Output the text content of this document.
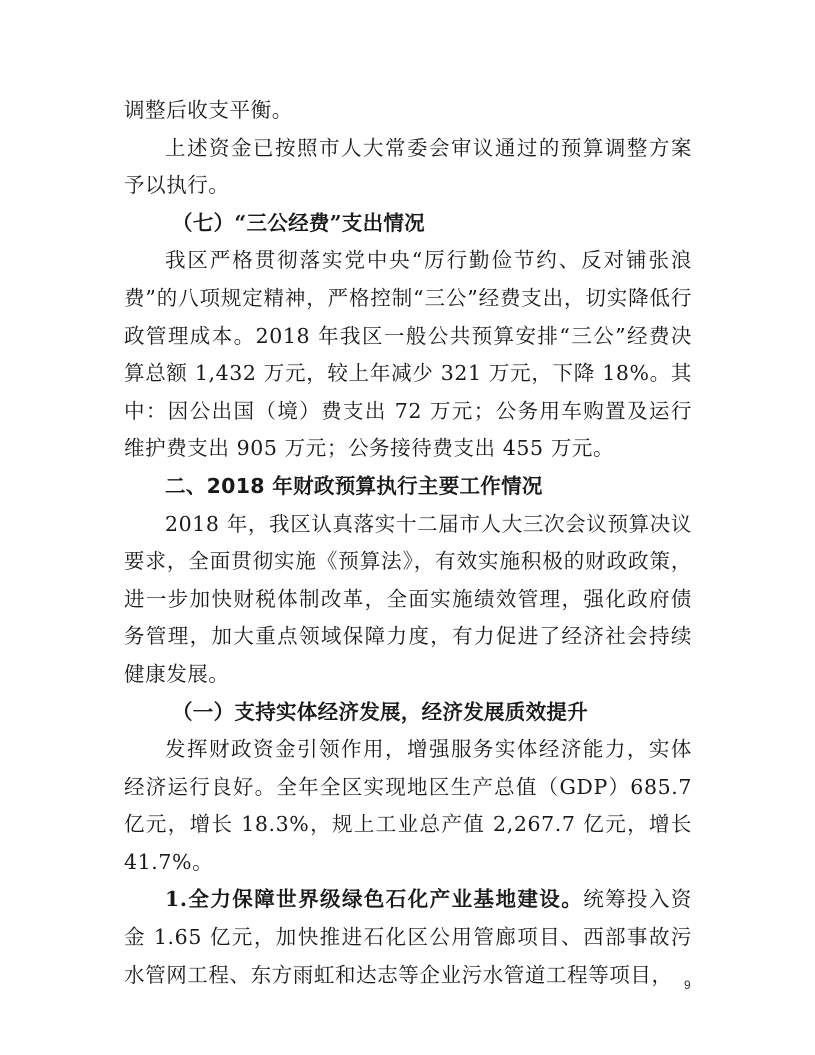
调整后收支平衡。

上述资金已按照市人大常委会审议通过的预算调整方案予以执行。

（七）“三公经费”支出情况

我区严格贯彻落实党中央“厉行勤俭节约、反对铺张浪费”的八项规定精神，严格控制“三公”经费支出，切实降低行政管理成本。2018 年我区一般公共预算安排“三公”经费决算总额 1,432 万元，较上年减少 321 万元，下降 18%。其中：因公出国（境）费支出 72 万元；公务用车购置及运行维护费支出 905 万元；公务接待费支出 455 万元。

二、2018 年财政预算执行主要工作情况

2018 年，我区认真落实十二届市人大三次会议预算决议要求，全面贯彻实施《预算法》，有效实施积极的财政政策，进一步加快财税体制改革，全面实施绩效管理，强化政府债务管理，加大重点领域保障力度，有力促进了经济社会持续健康发展。

（一）支持实体经济发展，经济发展质效提升

发挥财政资金引领作用，增强服务实体经济能力，实体经济运行良好。全年全区实现地区生产总值（GDP）685.7 亿元，增长 18.3%，规上工业总产值 2,267.7 亿元，增长 41.7%。

1.全力保障世界级绿色石化产业基地建设。统筹投入资金 1.65 亿元，加快推进石化区公用管廊项目、西部事故污水管网工程、东方雨虹和达志等企业污水管道工程等项目， 9
